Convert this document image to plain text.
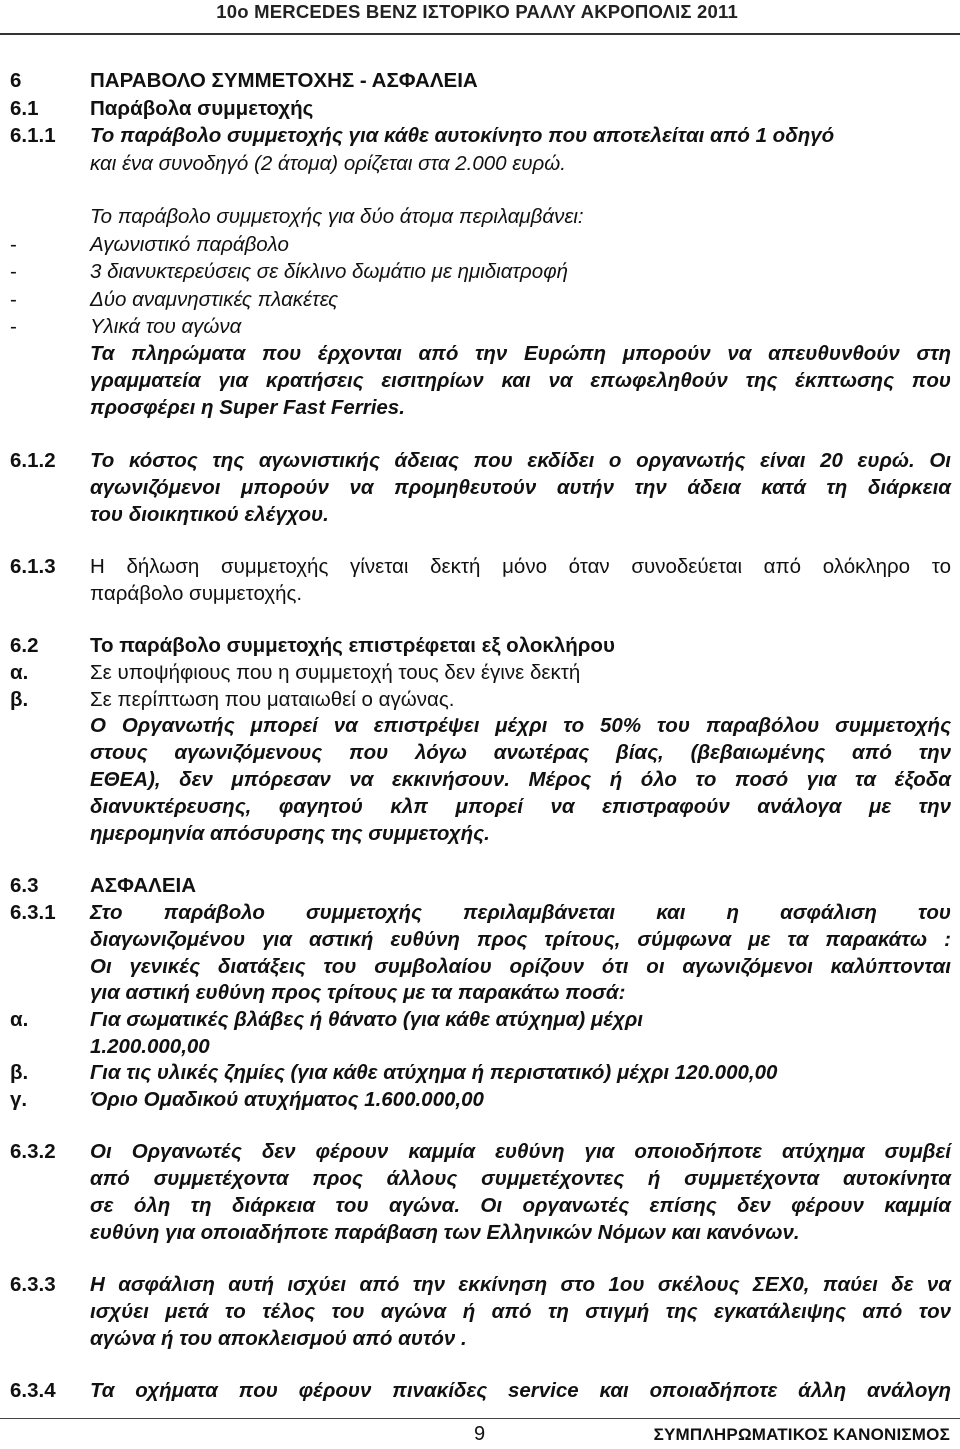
10ο MERCEDES BENZ ΙΣΤΟΡΙΚΟ ΡΑΛΛΥ ΑΚΡΟΠΟΛΙΣ 2011
6	ΠΑΡΑΒΟΛΟ ΣΥΜΜΕΤΟΧΗΣ - ΑΣΦΑΛΕΙΑ
6.1	Παράβολα συμμετοχής
6.1.1 Το παράβολο συμμετοχής για κάθε αυτοκίνητο που αποτελείται από 1 οδηγό
και ένα συνοδηγό (2 άτομα) ορίζεται στα 2.000 ευρώ.
Το παράβολο συμμετοχής για δύο άτομα περιλαμβάνει:
-	Αγωνιστικό παράβολο
-	3 διανυκτερεύσεις σε δίκλινο δωμάτιο με ημιδιατροφή
-	Δύο αναμνηστικές πλακέτες
-	Υλικά του αγώνα
Τα πληρώματα που έρχονται από την Ευρώπη μπορούν να απευθυνθούν στη
γραμματεία για κρατήσεις εισιτηρίων και να επωφεληθούν της έκπτωσης που
προσφέρει η Super Fast Ferries.
6.1.2 Το κόστος της αγωνιστικής άδειας που εκδίδει ο οργανωτής είναι 20 ευρώ. Οι
αγωνιζόμενοι μπορούν να προμηθευτούν αυτήν την άδεια κατά τη διάρκεια
του διοικητικού ελέγχου.
6.1.3 Η δήλωση συμμετοχής γίνεται δεκτή μόνο όταν συνοδεύεται από ολόκληρο το
παράβολο συμμετοχής.
6.2	Το παράβολο συμμετοχής επιστρέφεται εξ ολοκλήρου
α.	Σε υποψήφιους που η συμμετοχή τους δεν έγινε δεκτή
β.	Σε περίπτωση που ματαιωθεί ο αγώνας.
Ο Οργανωτής μπορεί να επιστρέψει μέχρι το 50% του παραβόλου συμμετοχής
στους αγωνιζόμενους που λόγω ανωτέρας βίας, (βεβαιωμένης από την
ΕΘΕΑ), δεν μπόρεσαν να εκκινήσουν. Μέρος ή όλο το ποσό για τα έξοδα
διανυκτέρευσης, φαγητού κλπ μπορεί να επιστραφούν ανάλογα με την
ημερομηνία απόσυρσης της συμμετοχής.
6.3	ΑΣΦΑΛΕΙΑ
6.3.1 Στο παράβολο συμμετοχής περιλαμβάνεται και η ασφάλιση του
διαγωνιζομένου για αστική ευθύνη προς τρίτους, σύμφωνα με τα παρακάτω :
Οι γενικές διατάξεις του συμβολαίου ορίζουν ότι οι αγωνιζόμενοι καλύπτονται
για αστική ευθύνη προς τρίτους με τα παρακάτω ποσά:
α.	Για σωματικές βλάβες ή θάνατο (για κάθε ατύχημα) μέχρι
1.200.000,00
β.	Για τις υλικές ζημίες (για κάθε ατύχημα ή περιστατικό) μέχρι 120.000,00
γ.	Όριο Ομαδικού ατυχήματος 1.600.000,00
6.3.2 Οι Οργανωτές δεν φέρουν καμμία ευθύνη για οποιοδήποτε ατύχημα συμβεί
από συμμετέχοντα προς άλλους συμμετέχοντες ή συμμετέχοντα αυτοκίνητα
σε όλη τη διάρκεια του αγώνα. Οι οργανωτές επίσης δεν φέρουν καμμία
ευθύνη για οποιαδήποτε παράβαση των Ελληνικών Νόμων και κανόνων.
6.3.3 Η ασφάλιση αυτή ισχύει από την εκκίνηση στο 1ου σκέλους ΣΕΧ0, παύει δε να
ισχύει μετά το τέλος του αγώνα ή από τη στιγμή της εγκατάλειψης από τον
αγώνα ή του αποκλεισμού από αυτόν .
6.3.4 Τα οχήματα που φέρουν πινακίδες service και οποιαδήποτε άλλη ανάλογη
9	ΣΥΜΠΛΗΡΩΜΑΤΙΚΟΣ ΚΑΝΟΝΙΣΜΟΣ
